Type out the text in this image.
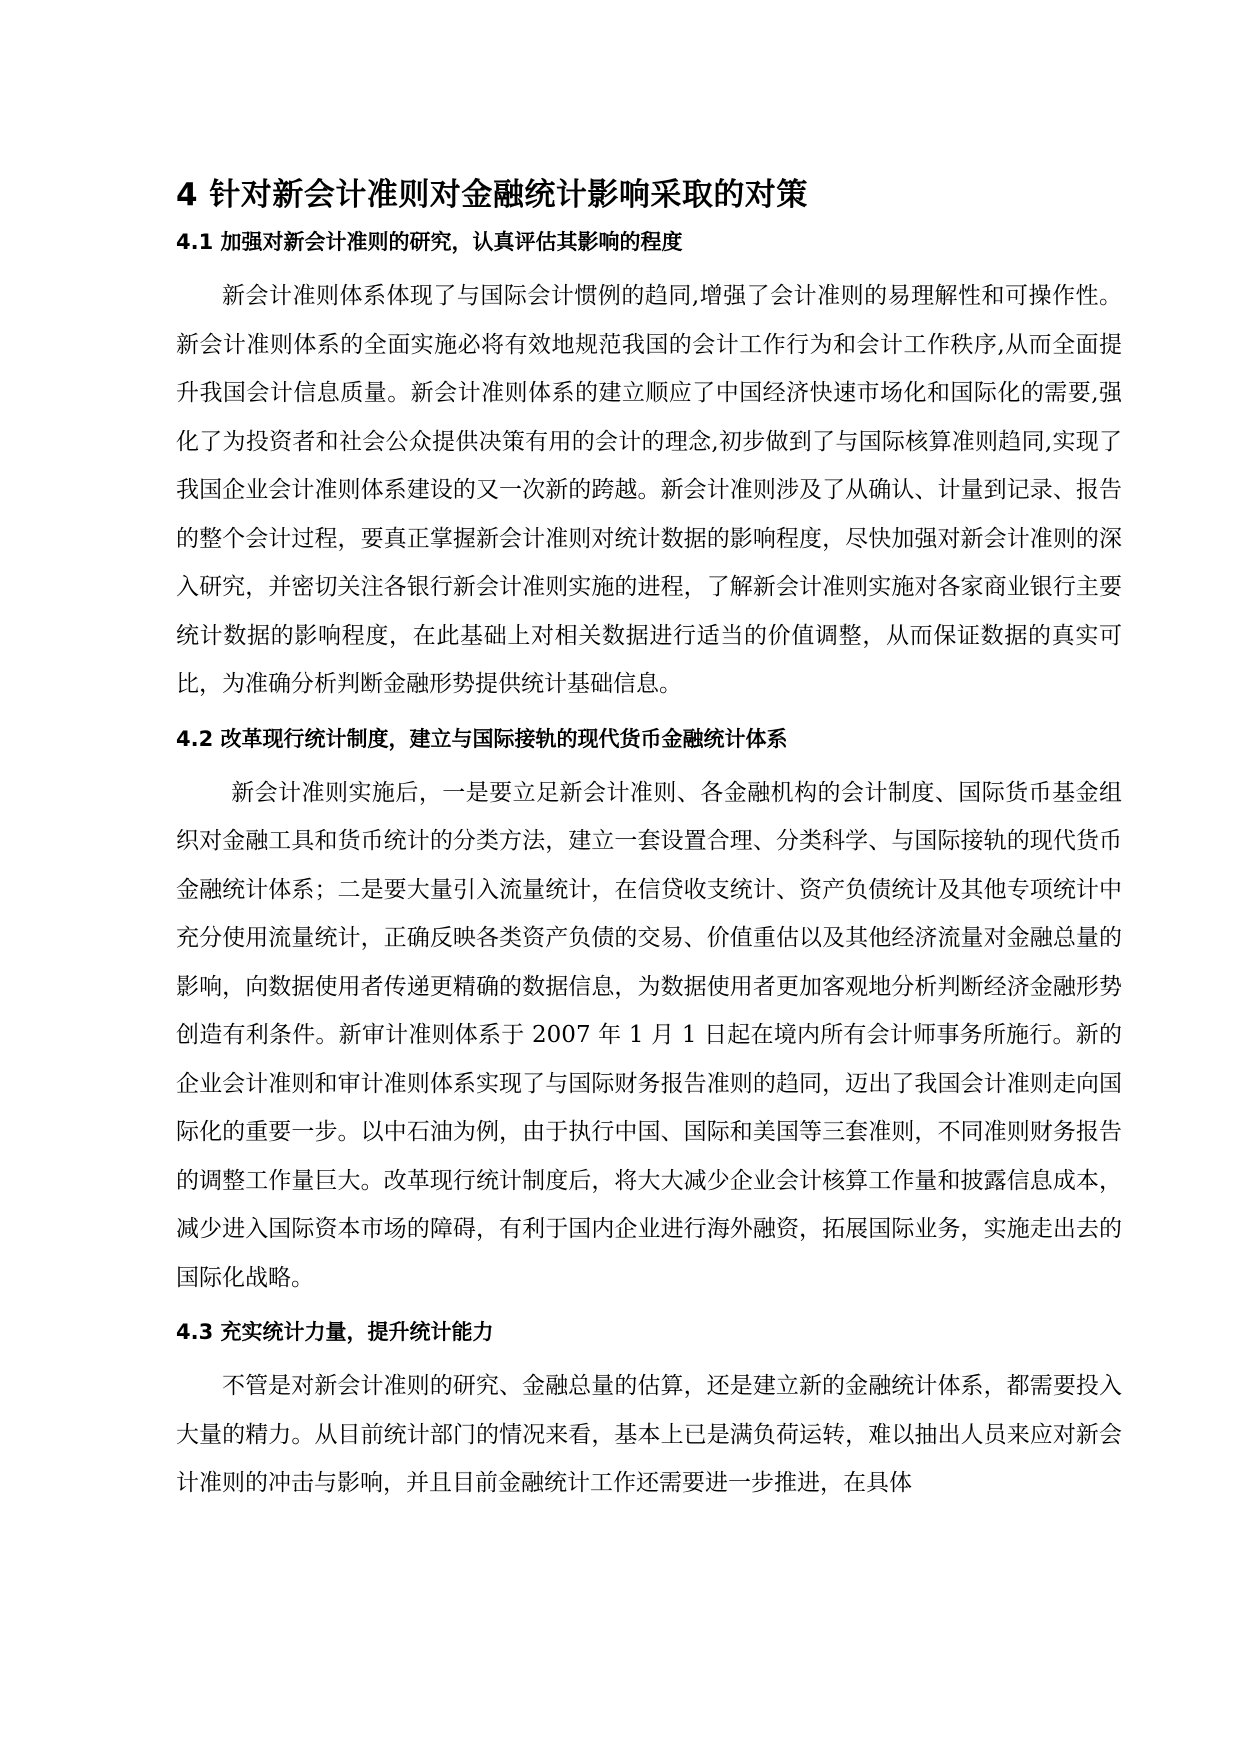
4 针对新会计准则对金融统计影响采取的对策
4.1 加强对新会计准则的研究，认真评估其影响的程度

新会计准则体系体现了与国际会计惯例的趋同,增强了会计准则的易理解性和可操作性。新会计准则体系的全面实施必将有效地规范我国的会计工作行为和会计工作秩序,从而全面提升我国会计信息质量。新会计准则体系的建立顺应了中国经济快速市场化和国际化的需要,强化了为投资者和社会公众提供决策有用的会计的理念,初步做到了与国际核算准则趋同,实现了我国企业会计准则体系建设的又一次新的跨越。新会计准则涉及了从确认、计量到记录、报告的整个会计过程，要真正掌握新会计准则对统计数据的影响程度，尽快加强对新会计准则的深入研究，并密切关注各银行新会计准则实施的进程，了解新会计准则实施对各家商业银行主要统计数据的影响程度，在此基础上对相关数据进行适当的价值调整，从而保证数据的真实可比，为准确分析判断金融形势提供统计基础信息。

4.2 改革现行统计制度，建立与国际接轨的现代货币金融统计体系

新会计准则实施后，一是要立足新会计准则、各金融机构的会计制度、国际货币基金组织对金融工具和货币统计的分类方法，建立一套设置合理、分类科学、与国际接轨的现代货币金融统计体系；二是要大量引入流量统计，在信贷收支统计、资产负债统计及其他专项统计中充分使用流量统计，正确反映各类资产负债的交易、价值重估以及其他经济流量对金融总量的影响，向数据使用者传递更精确的数据信息，为数据使用者更加客观地分析判断经济金融形势创造有利条件。新审计准则体系于 2007 年 1 月 1 日起在境内所有会计师事务所施行。新的企业会计准则和审计准则体系实现了与国际财务报告准则的趋同，迈出了我国会计准则走向国际化的重要一步。以中石油为例，由于执行中国、国际和美国等三套准则，不同准则财务报告的调整工作量巨大。改革现行统计制度后，将大大减少企业会计核算工作量和披露信息成本，减少进入国际资本市场的障碍，有利于国内企业进行海外融资，拓展国际业务，实施走出去的国际化战略。

4.3 充实统计力量，提升统计能力

不管是对新会计准则的研究、金融总量的估算，还是建立新的金融统计体系，都需要投入大量的精力。从目前统计部门的情况来看，基本上已是满负荷运转，难以抽出人员来应对新会计准则的冲击与影响，并且目前金融统计工作还需要进一步推进，在具体
